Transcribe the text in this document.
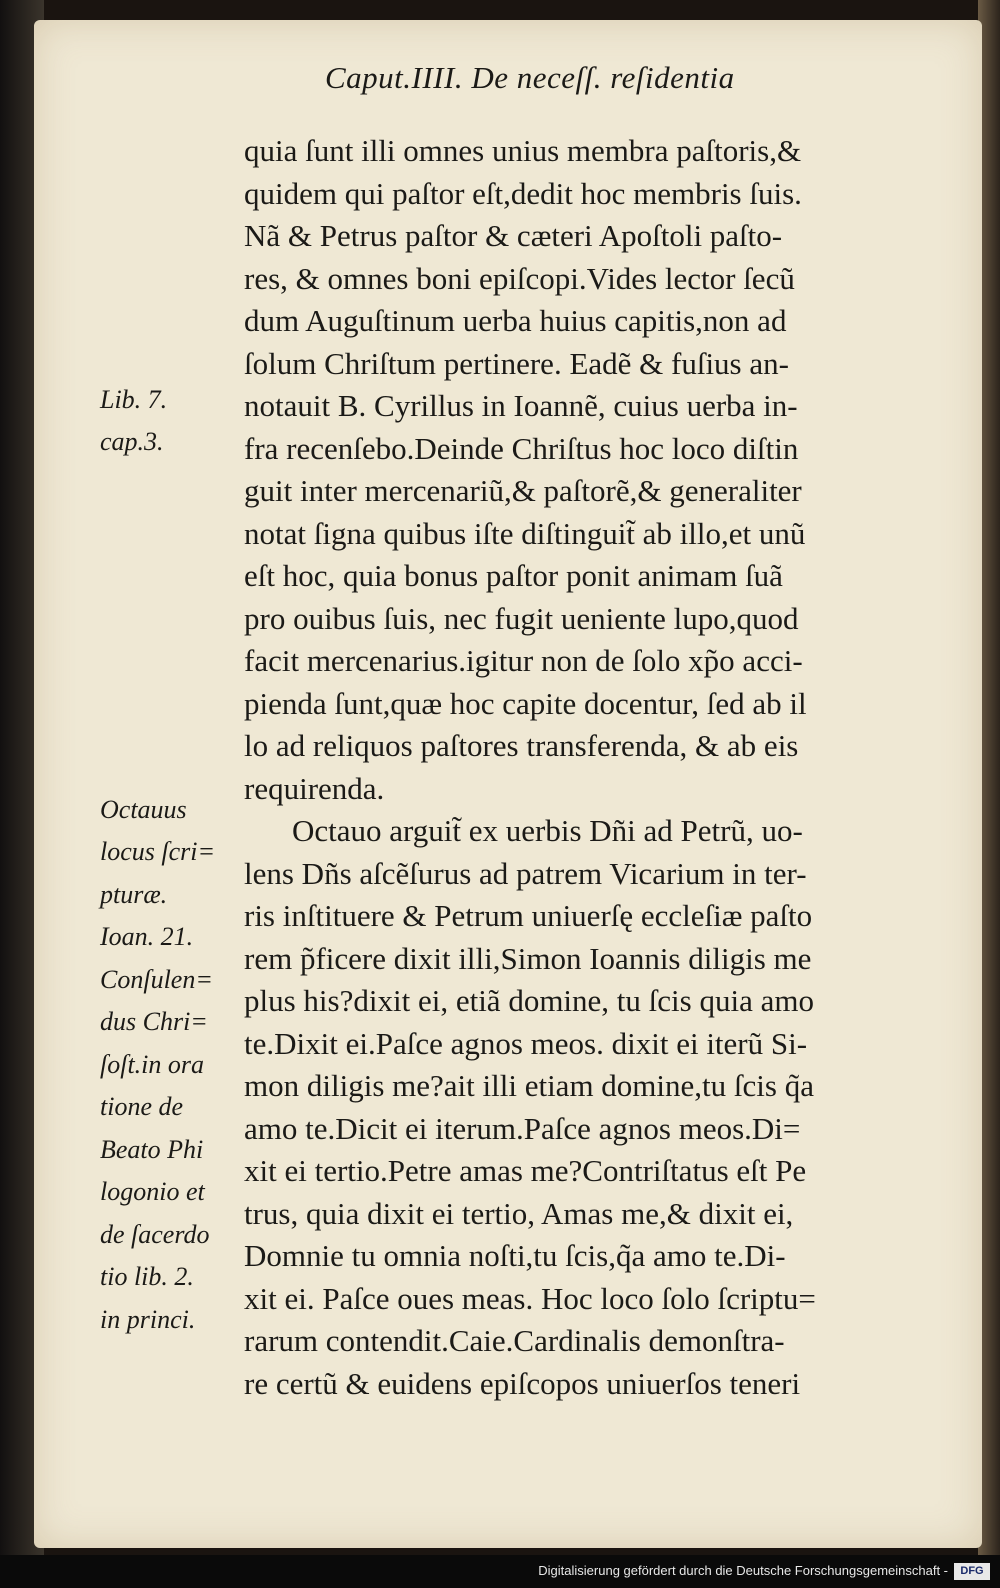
Caput.IIII. De neceſſ. reſidentia
quia ſunt illi omnes unius membra paſtoris,&
quidem qui paſtor eſt,dedit hoc membris ſuis.
Nã & Petrus paſtor & cæteri Apoſtoli paſto-
res, & omnes boni epiſcopi.Vides lector ſecũ
dum Auguſtinum uerba huius capitis,non ad
ſolum Chriſtum pertinere. Eadẽ & fuſius an-
notauit B. Cyrillus in Ioannẽ, cuius uerba in-
fra recenſebo.Deinde Chriſtus hoc loco diſtin
guit inter mercenariũ,& paſtorẽ,& generaliter
notat ſigna quibus iſte diſtinguit̃ ab illo,et unũ
eſt hoc, quia bonus paſtor ponit animam ſuã
pro ouibus ſuis, nec fugit ueniente lupo,quod
facit mercenarius.igitur non de ſolo xp̃o acci-
pienda ſunt,quæ hoc capite docentur, ſed ab il
lo ad reliquos paſtores transferenda, & ab eis
requirenda.
Octauo arguit̃ ex uerbis Dñi ad Petrũ, uo-
lens Dñs aſcẽſurus ad patrem Vicarium in ter-
ris inſtituere & Petrum uniuerſę eccleſiæ paſto
rem p̃ficere dixit illi,Simon Ioannis diligis me
plus his?dixit ei, etiã domine, tu ſcis quia amo
te.Dixit ei.Paſce agnos meos. dixit ei iterũ Si-
mon diligis me?ait illi etiam domine,tu ſcis q̃a
amo te.Dicit ei iterum.Paſce agnos meos.Di=
xit ei tertio.Petre amas me?Contriſtatus eſt Pe
trus, quia dixit ei tertio, Amas me,& dixit ei,
Domnie tu omnia noſti,tu ſcis,q̃a amo te.Di-
xit ei. Paſce oues meas. Hoc loco ſolo ſcriptu=
rarum contendit.Caie.Cardinalis demonſtra-
re certũ & euidens epiſcopos uniuerſos teneri
Lib. 7.
cap.3.
Octauus
locus ſcri=
pturæ.
Ioan. 21.
Conſulen=
dus Chri=
ſoſt.in ora
tione de
Beato Phi
logonio et
de ſacerdo
tio lib. 2.
in princi.
Digitalisierung gefördert durch die Deutsche Forschungsgemeinschaft -	DFG
